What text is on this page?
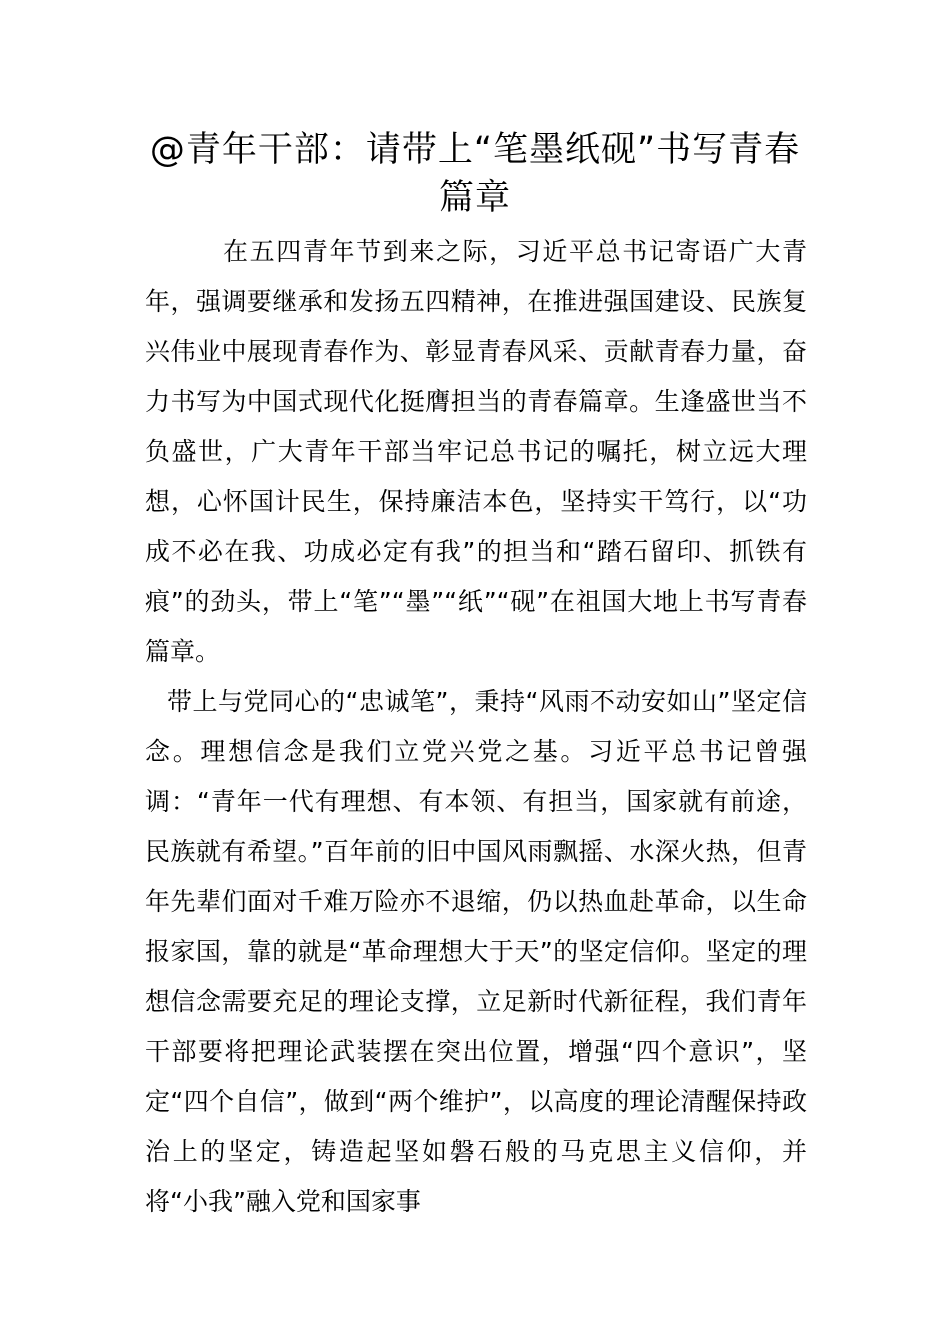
@青年干部：请带上“笔墨纸砚”书写青春篇章

在五四青年节到来之际，习近平总书记寄语广大青年，强调要继承和发扬五四精神，在推进强国建设、民族复兴伟业中展现青春作为、彰显青春风采、贡献青春力量，奋力书写为中国式现代化挺膺担当的青春篇章。生逢盛世当不负盛世，广大青年干部当牢记总书记的嘱托，树立远大理想，心怀国计民生，保持廉洁本色，坚持实干笃行，以“功成不必在我、功成必定有我”的担当和“踏石留印、抓铁有痕”的劲头，带上“笔”“墨”“纸”“砚”在祖国大地上书写青春篇章。

带上与党同心的“忠诚笔”，秉持“风雨不动安如山”坚定信念。理想信念是我们立党兴党之基。习近平总书记曾强调：“青年一代有理想、有本领、有担当，国家就有前途，民族就有希望。”百年前的旧中国风雨飘摇、水深火热，但青年先辈们面对千难万险亦不退缩，仍以热血赴革命，以生命报家国，靠的就是“革命理想大于天”的坚定信仰。坚定的理想信念需要充足的理论支撑，立足新时代新征程，我们青年干部要将把理论武装摆在突出位置，增强“四个意识”，坚定“四个自信”，做到“两个维护”，以高度的理论清醒保持政治上的坚定，铸造起坚如磐石般的马克思主义信仰，并将“小我”融入党和国家事
